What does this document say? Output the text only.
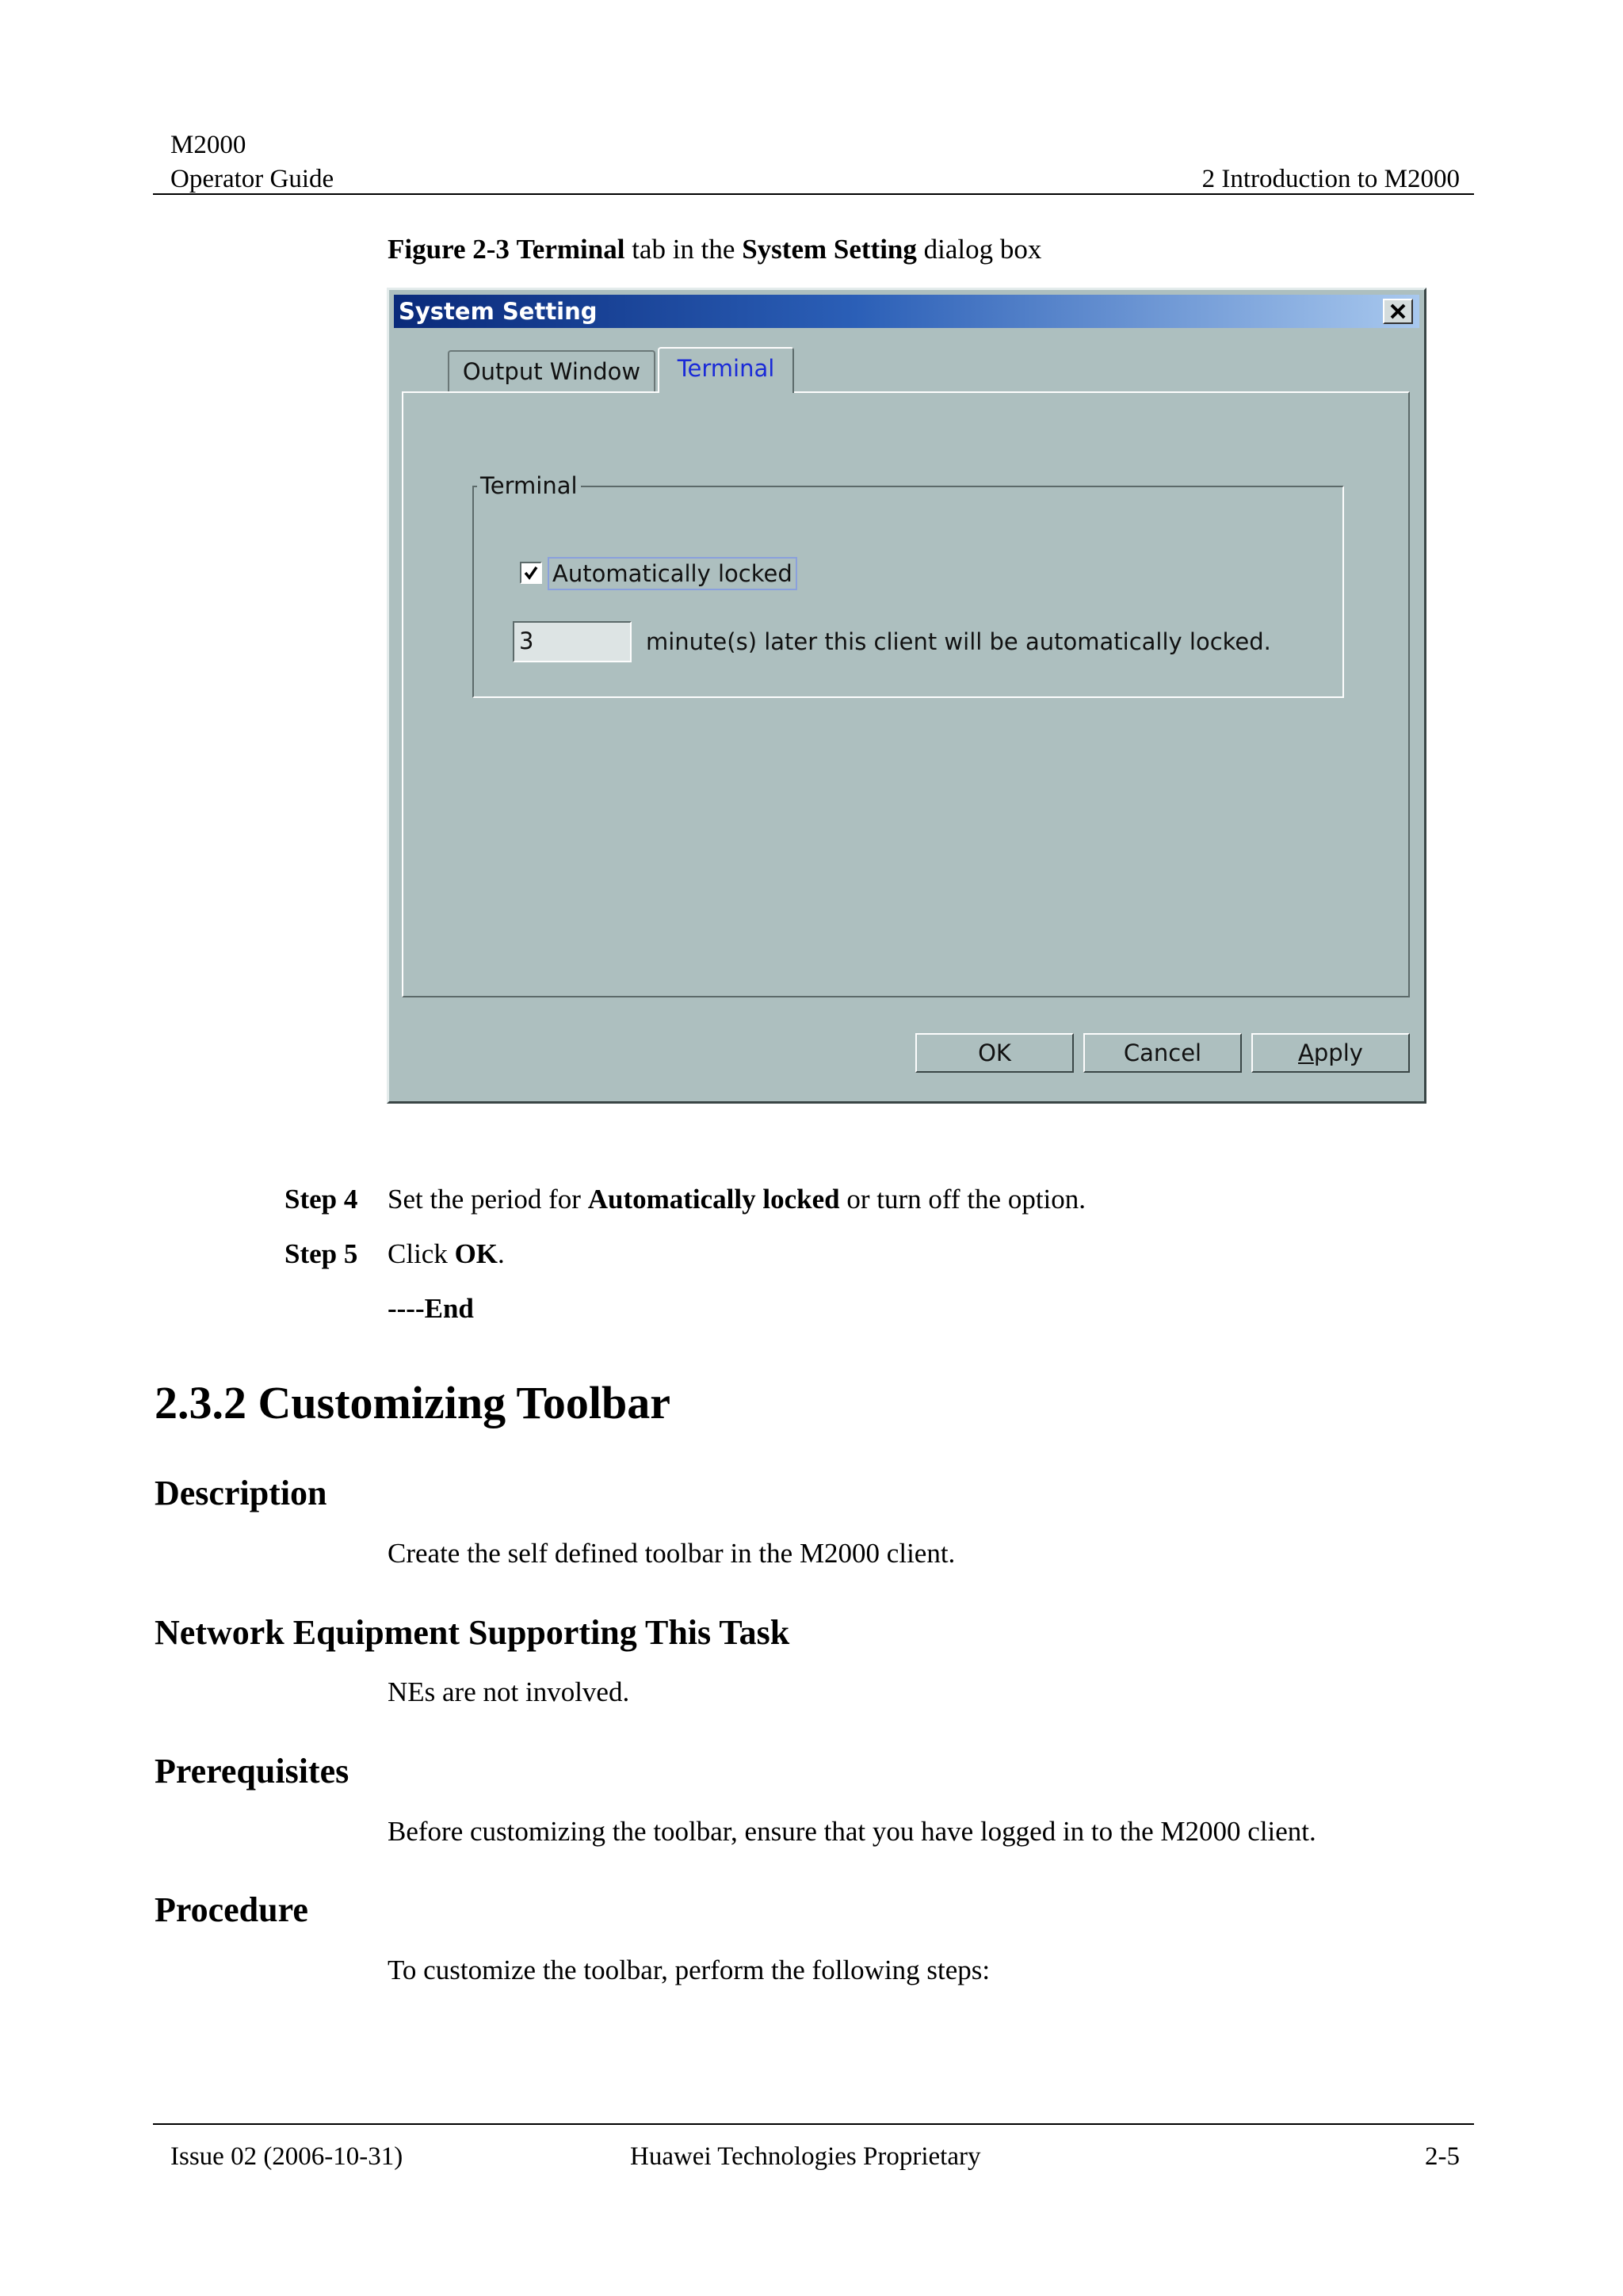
M2000
Operator Guide	2 Introduction to M2000
Figure 2-3 Terminal tab in the System Setting dialog box
System Setting
Output Window	Terminal
Terminal
Automatically locked
3	minute(s) later this client will be automatically locked.
OK	Cancel	Apply
Step 4 Set the period for Automatically locked or turn off the option.
Step 5 Click OK.
----End
2.3.2 Customizing Toolbar
Description
Create the self defined toolbar in the M2000 client.
Network Equipment Supporting This Task
NEs are not involved.
Prerequisites
Before customizing the toolbar, ensure that you have logged in to the M2000 client.
Procedure
To customize the toolbar, perform the following steps:
Issue 02 (2006-10-31)	Huawei Technologies Proprietary	2-5
